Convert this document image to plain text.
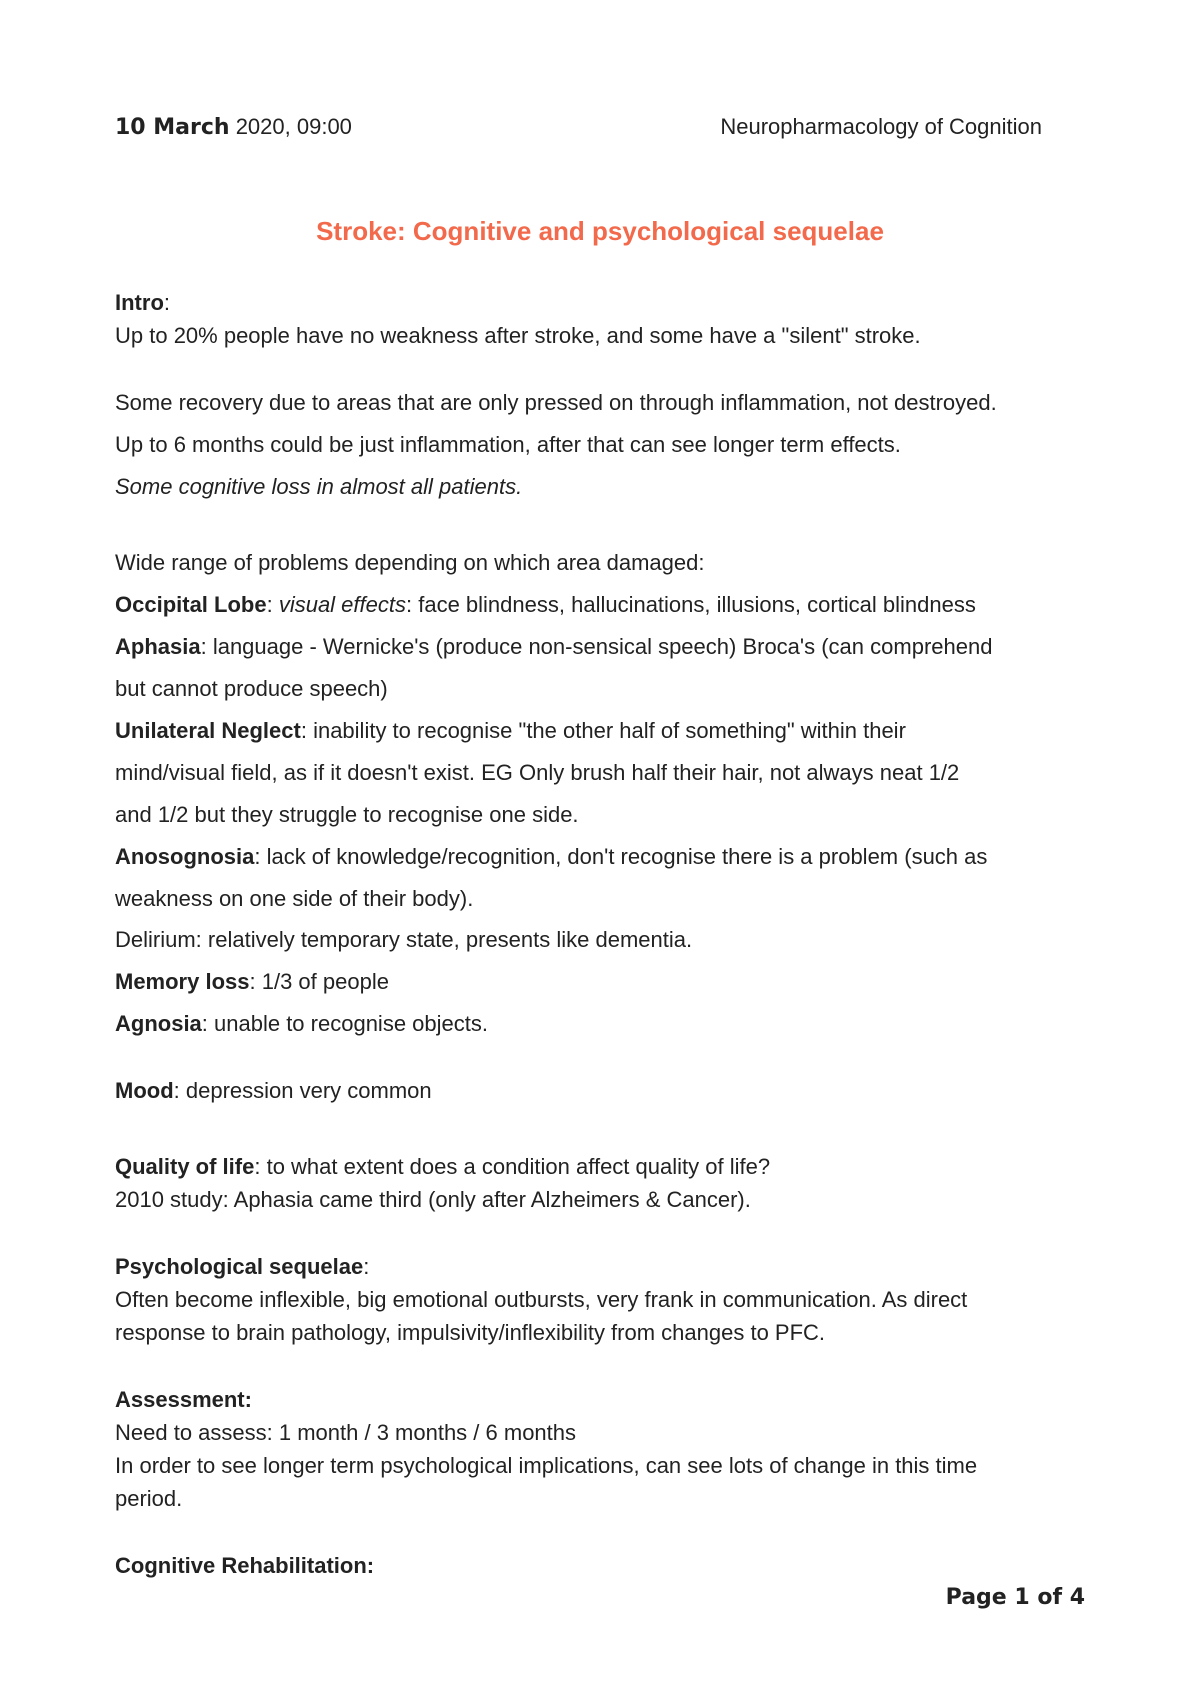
10 March 2020, 09:00	Neuropharmacology of Cognition
Stroke: Cognitive and psychological sequelae
Intro:
Up to 20% people have no weakness after stroke, and some have a "silent" stroke.
Some recovery due to areas that are only pressed on through inflammation, not destroyed.
Up to 6 months could be just inflammation, after that can see longer term effects.
Some cognitive loss in almost all patients.
Wide range of problems depending on which area damaged:
Occipital Lobe: visual effects: face blindness, hallucinations, illusions, cortical blindness
Aphasia: language - Wernicke's (produce non-sensical speech) Broca's (can comprehend
but cannot produce speech)
Unilateral Neglect: inability to recognise "the other half of something" within their
mind/visual field, as if it doesn't exist. EG Only brush half their hair, not always neat 1/2
and 1/2 but they struggle to recognise one side.
Anosognosia: lack of knowledge/recognition, don't recognise there is a problem (such as
weakness on one side of their body).
Delirium: relatively temporary state, presents like dementia.
Memory loss: 1/3 of people
Agnosia: unable to recognise objects.
Mood: depression very common
Quality of life: to what extent does a condition affect quality of life?
2010 study: Aphasia came third (only after Alzheimers & Cancer).
Psychological sequelae:
Often become inflexible, big emotional outbursts, very frank in communication. As direct
response to brain pathology, impulsivity/inflexibility from changes to PFC.
Assessment:
Need to assess: 1 month / 3 months / 6 months
In order to see longer term psychological implications, can see lots of change in this time
period.
Cognitive Rehabilitation:
Page 1 of 4
